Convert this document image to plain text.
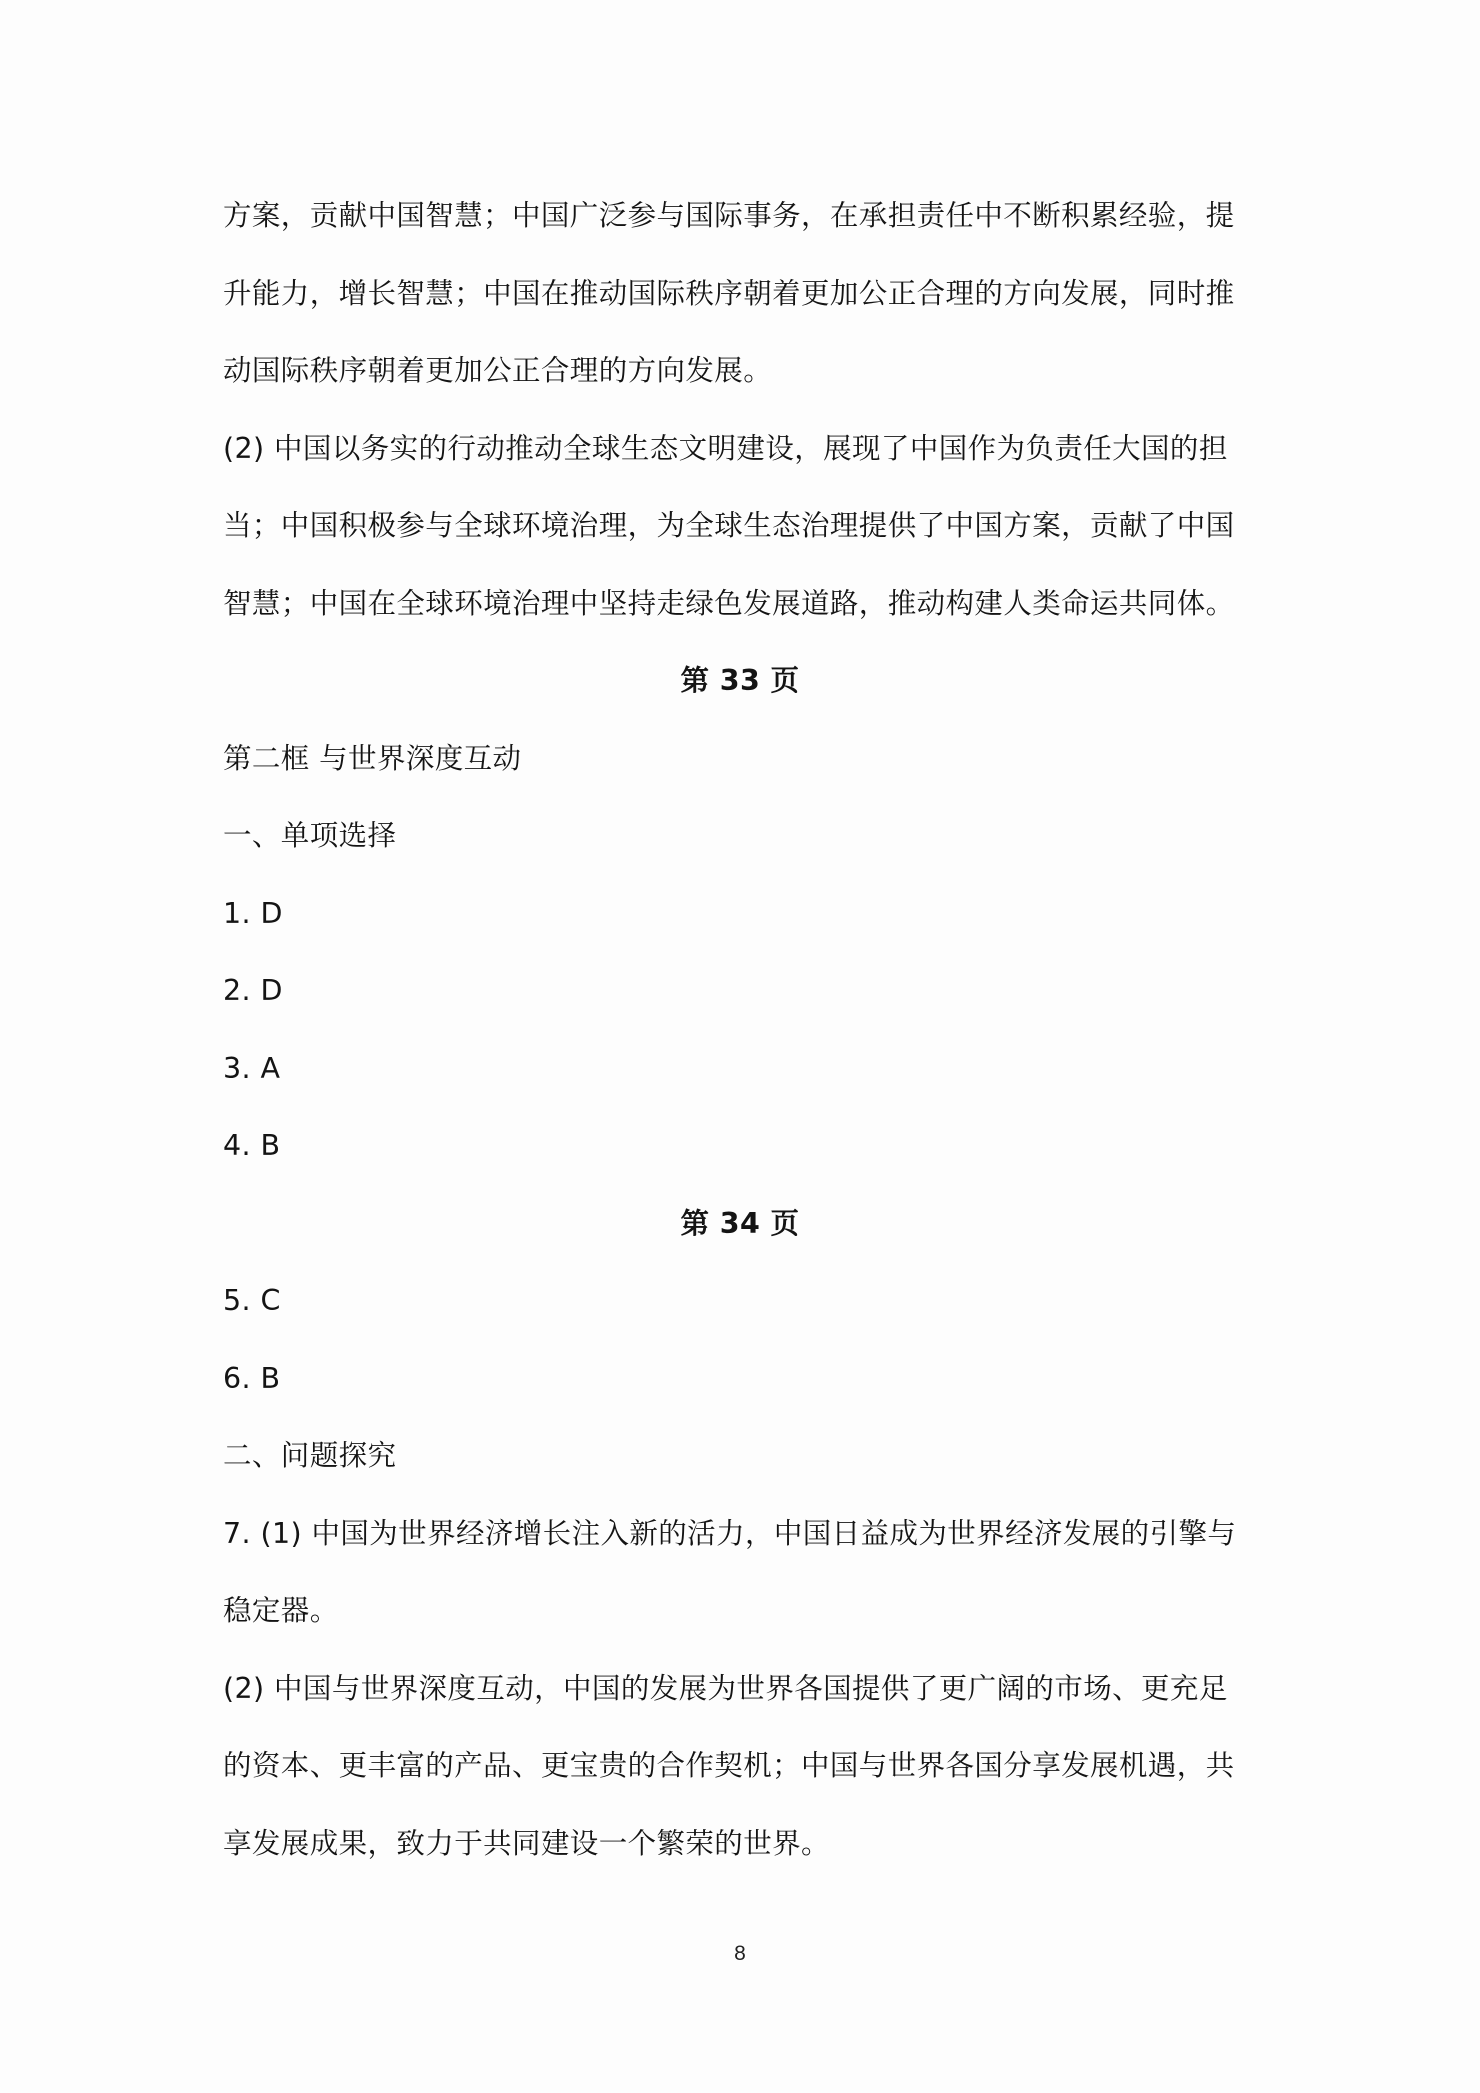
方案，贡献中国智慧；中国广泛参与国际事务，在承担责任中不断积累经验，提

升能力，增长智慧；中国在推动国际秩序朝着更加公正合理的方向发展，同时推

动国际秩序朝着更加公正合理的方向发展。

(2) 中国以务实的行动推动全球生态文明建设，展现了中国作为负责任大国的担

当；中国积极参与全球环境治理，为全球生态治理提供了中国方案，贡献了中国

智慧；中国在全球环境治理中坚持走绿色发展道路，推动构建人类命运共同体。

第 33 页

第二框 与世界深度互动

一、单项选择

1. D

2. D

3. A

4. B

第 34 页

5. C

6. B

二、问题探究

7. (1) 中国为世界经济增长注入新的活力，中国日益成为世界经济发展的引擎与

稳定器。

(2) 中国与世界深度互动，中国的发展为世界各国提供了更广阔的市场、更充足

的资本、更丰富的产品、更宝贵的合作契机；中国与世界各国分享发展机遇，共

享发展成果，致力于共同建设一个繁荣的世界。

8
